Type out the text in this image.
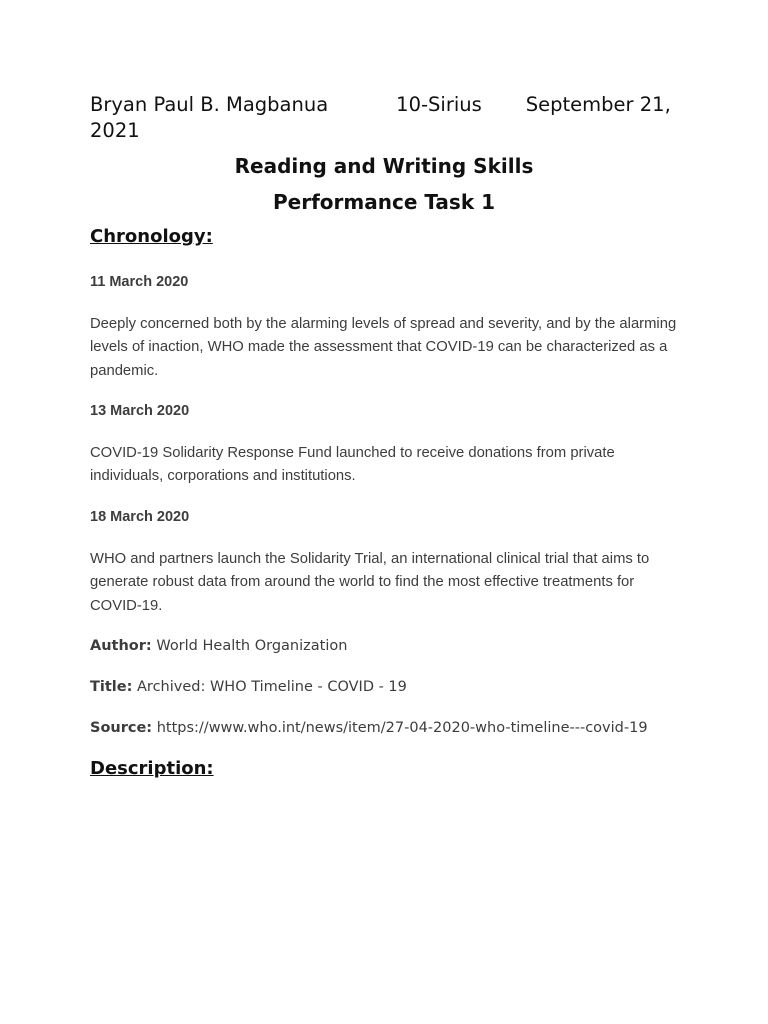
Bryan Paul B. Magbanua	10-Sirius September 21, 2021

Reading and Writing Skills

Performance Task 1

Chronology:

11 March 2020

Deeply concerned both by the alarming levels of spread and severity, and by the alarming levels of inaction, WHO made the assessment that COVID-19 can be characterized as a pandemic.

13 March 2020

COVID-19 Solidarity Response Fund launched to receive donations from private individuals, corporations and institutions.

18 March 2020

WHO and partners launch the Solidarity Trial, an international clinical trial that aims to generate robust data from around the world to find the most effective treatments for COVID-19.

Author: World Health Organization

Title: Archived: WHO Timeline - COVID - 19

Source: https://www.who.int/news/item/27-04-2020-who-timeline---covid-19

Description:
